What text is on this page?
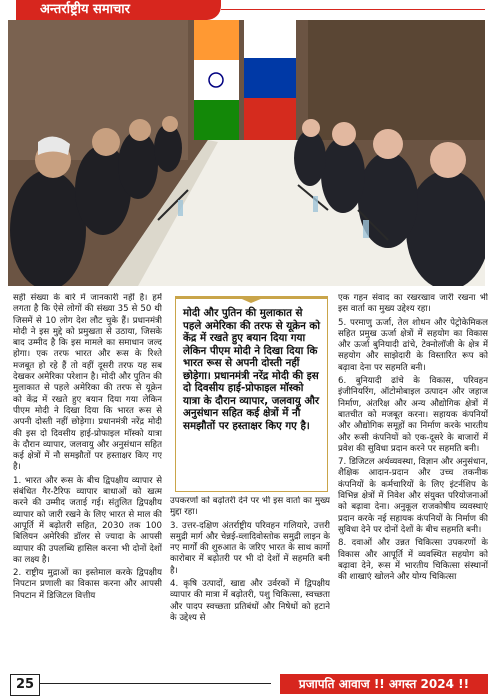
अन्तर्राष्ट्रीय समाचार

सही संख्या के बारे में जानकारी नहीं है। हमें लगता है कि ऐसे लोगों की संख्या 35 से 50 थी जिसमें से 10 लोग देश लौट चुके हैं। प्रधानमंत्री मोदी ने इस मुद्दे को प्रमुखता से उठाया, जिसके बाद उम्मीद है कि इस मामले का समाधान जल्द होगा। एक तरफ भारत और रूस के रिश्ते मजबूत हो रहे हैं तो वहीं दूसरी तरफ यह सब देखकर अमेरिका परेशान है। मोदी और पुतिन की मुलाकात से पहले अमेरिका की तरफ से यूक्रेन को केंद्र में रखते हुए बयान दिया गया लेकिन पीएम मोदी ने दिखा दिया कि भारत रूस से अपनी दोस्ती नहीं छोड़ेगा। प्रधानमंत्री नरेंद्र मोदी की इस दो दिवसीय हाई-प्रोफाइल मॉस्को यात्रा के दौरान व्यापार, जलवायु और अनुसंधान सहित कई क्षेत्रों में नौ समझौतों पर हस्ताक्षर किए गए है।

1. भारत और रूस के बीच द्विपक्षीय व्यापार से संबंधित गैर-टैरिफ व्यापार बाधाओं को खत्म करने की उम्मीद जताई गई। संतुलित द्विपक्षीय व्यापार को जारी रखने के लिए भारत से माल की आपूर्ति में बढ़ोतरी सहित, 2030 तक 100 बिलियन अमेरिकी डॉलर से ज्यादा के आपसी व्यापार की उपलब्धि हासिल करना भी दोनों देशों का लक्ष्य है।

2. राष्ट्रीय मुद्राओं का इस्तेमाल करके द्विपक्षीय निपटान प्रणाली का विकास करना और आपसी निपटान में डिजिटल वित्तीय

मोदी और पुतिन की मुलाकात से पहले अमेरिका की तरफ से यूक्रेन को केंद्र में रखते हुए बयान दिया गया लेकिन पीएम मोदी ने दिखा दिया कि भारत रूस से अपनी दोस्ती नहीं छोड़ेगा। प्रधानमंत्री नरेंद्र मोदी की इस दो दिवसीय हाई-प्रोफाइल मॉस्को यात्रा के दौरान व्यापार, जलवायु और अनुसंधान सहित कई क्षेत्रों में नौ समझौतों पर हस्ताक्षर किए गए है।

उपकरणों को बढ़ोतरी देने पर भी इस वार्ता का मुख्य मुद्दा रहा।

3. उत्तर-दक्षिण अंतर्राष्ट्रीय परिवहन गलियारे, उत्तरी समुद्री मार्ग और चेन्नई-व्लादिवोस्तोक समुद्री लाइन के नए मार्गों की शुरुआत के जरिए भारत के साथ कार्गो कारोबार में बढ़ोतरी पर भी दो देशों में सहमति बनी है।

4. कृषि उत्पादों, खाद्य और उर्वरकों में द्विपक्षीय व्यापार की मात्रा में बढ़ोतरी, पशु चिकित्सा, स्वच्छता और पादप स्वच्छता प्रतिबंधों और निषेधों को हटाने के उद्देश्य से

एक गहन संवाद का रखरखाव जारी रखना भी इस वार्ता का मुख्य उद्देश्य रहा।

5. परमाणु ऊर्जा, तेल शोधन और पेट्रोकेमिकल सहित प्रमुख ऊर्जा क्षेत्रों में सहयोग का विकास और ऊर्जा बुनियादी ढांचे, टेक्नोलॉजी के क्षेत्र में सहयोग और साझेदारी के विस्तारित रूप को बढ़ावा देना पर सहमति बनी।

6. बुनियादी ढांचे के विकास, परिवहन इंजीनियरिंग, ऑटोमोबाइल उत्पादन और जहाज निर्माण, अंतरिक्ष और अन्य औद्योगिक क्षेत्रों में बातचीत को मजबूत करना। सहायक कंपनियों और औद्योगिक समूहों का निर्माण करके भारतीय और रूसी कंपनियों को एक-दूसरे के बाजारों में प्रवेश की सुविधा प्रदान करने पर सहमति बनी।

7. डिजिटल अर्थव्यवस्था, विज्ञान और अनुसंधान, शैक्षिक आदान-प्रदान और उच्च तकनीक कंपनियों के कर्मचारियों के लिए इंटर्नशिप के विभिन्न क्षेत्रों में निवेश और संयुक्त परियोजनाओं को बढ़ावा देना। अनुकूल राजकोषीय व्यवस्थाएं प्रदान करके नई सहायक कंपनियों के निर्माण की सुविधा देने पर दोनों देशों के बीच सहमति बनी।

8. दवाओं और उन्नत चिकित्सा उपकरणों के विकास और आपूर्ति में व्यवस्थित सहयोग को बढ़ावा देने, रूस में भारतीय चिकित्सा संस्थानों की शाखाएं खोलने और योग्य चिकित्सा

25	प्रजापति आवाज !! अगस्त 2024 !!
